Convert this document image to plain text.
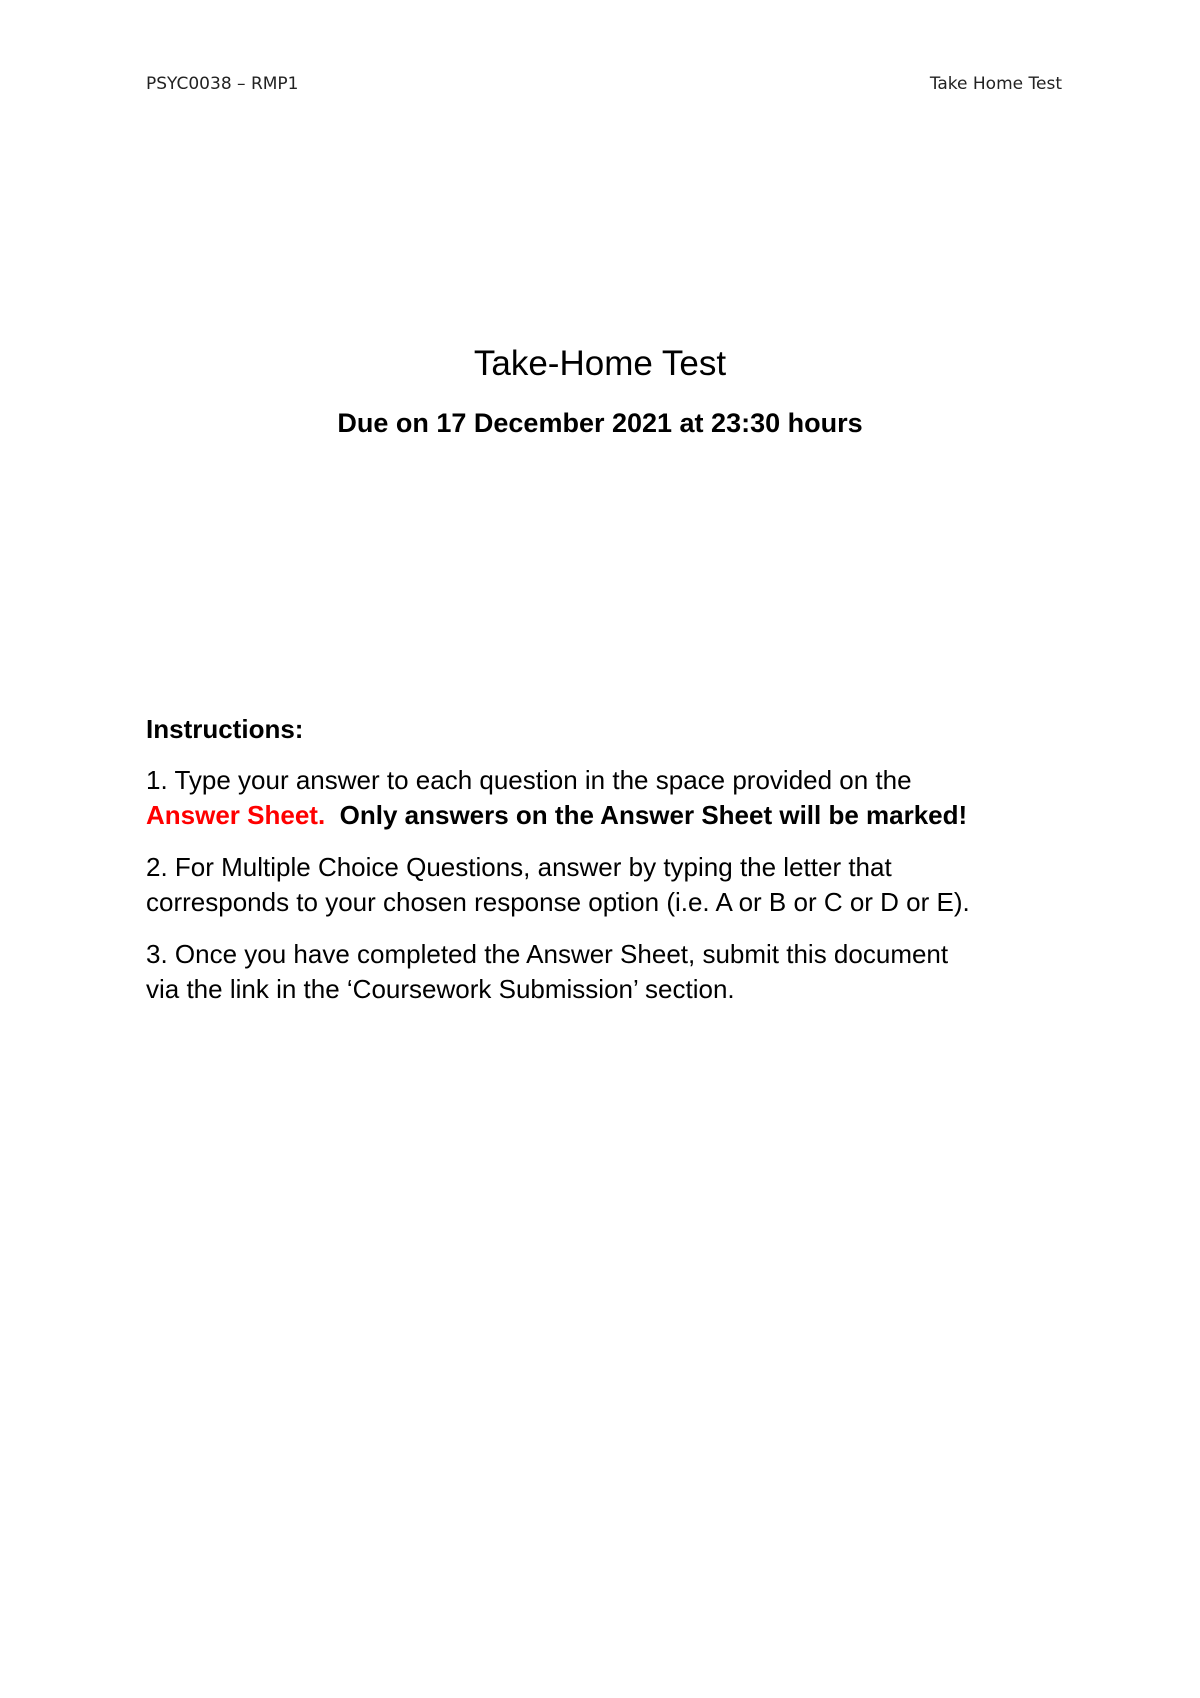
PSYC0038 – RMP1	Take Home Test
Take-Home Test
Due on 17 December 2021 at 23:30 hours
Instructions:
1. Type your answer to each question in the space provided on the
Answer Sheet. Only answers on the Answer Sheet will be marked!
2. For Multiple Choice Questions, answer by typing the letter that
corresponds to your chosen response option (i.e. A or B or C or D or E).
3. Once you have completed the Answer Sheet, submit this document
via the link in the ‘Coursework Submission’ section.
